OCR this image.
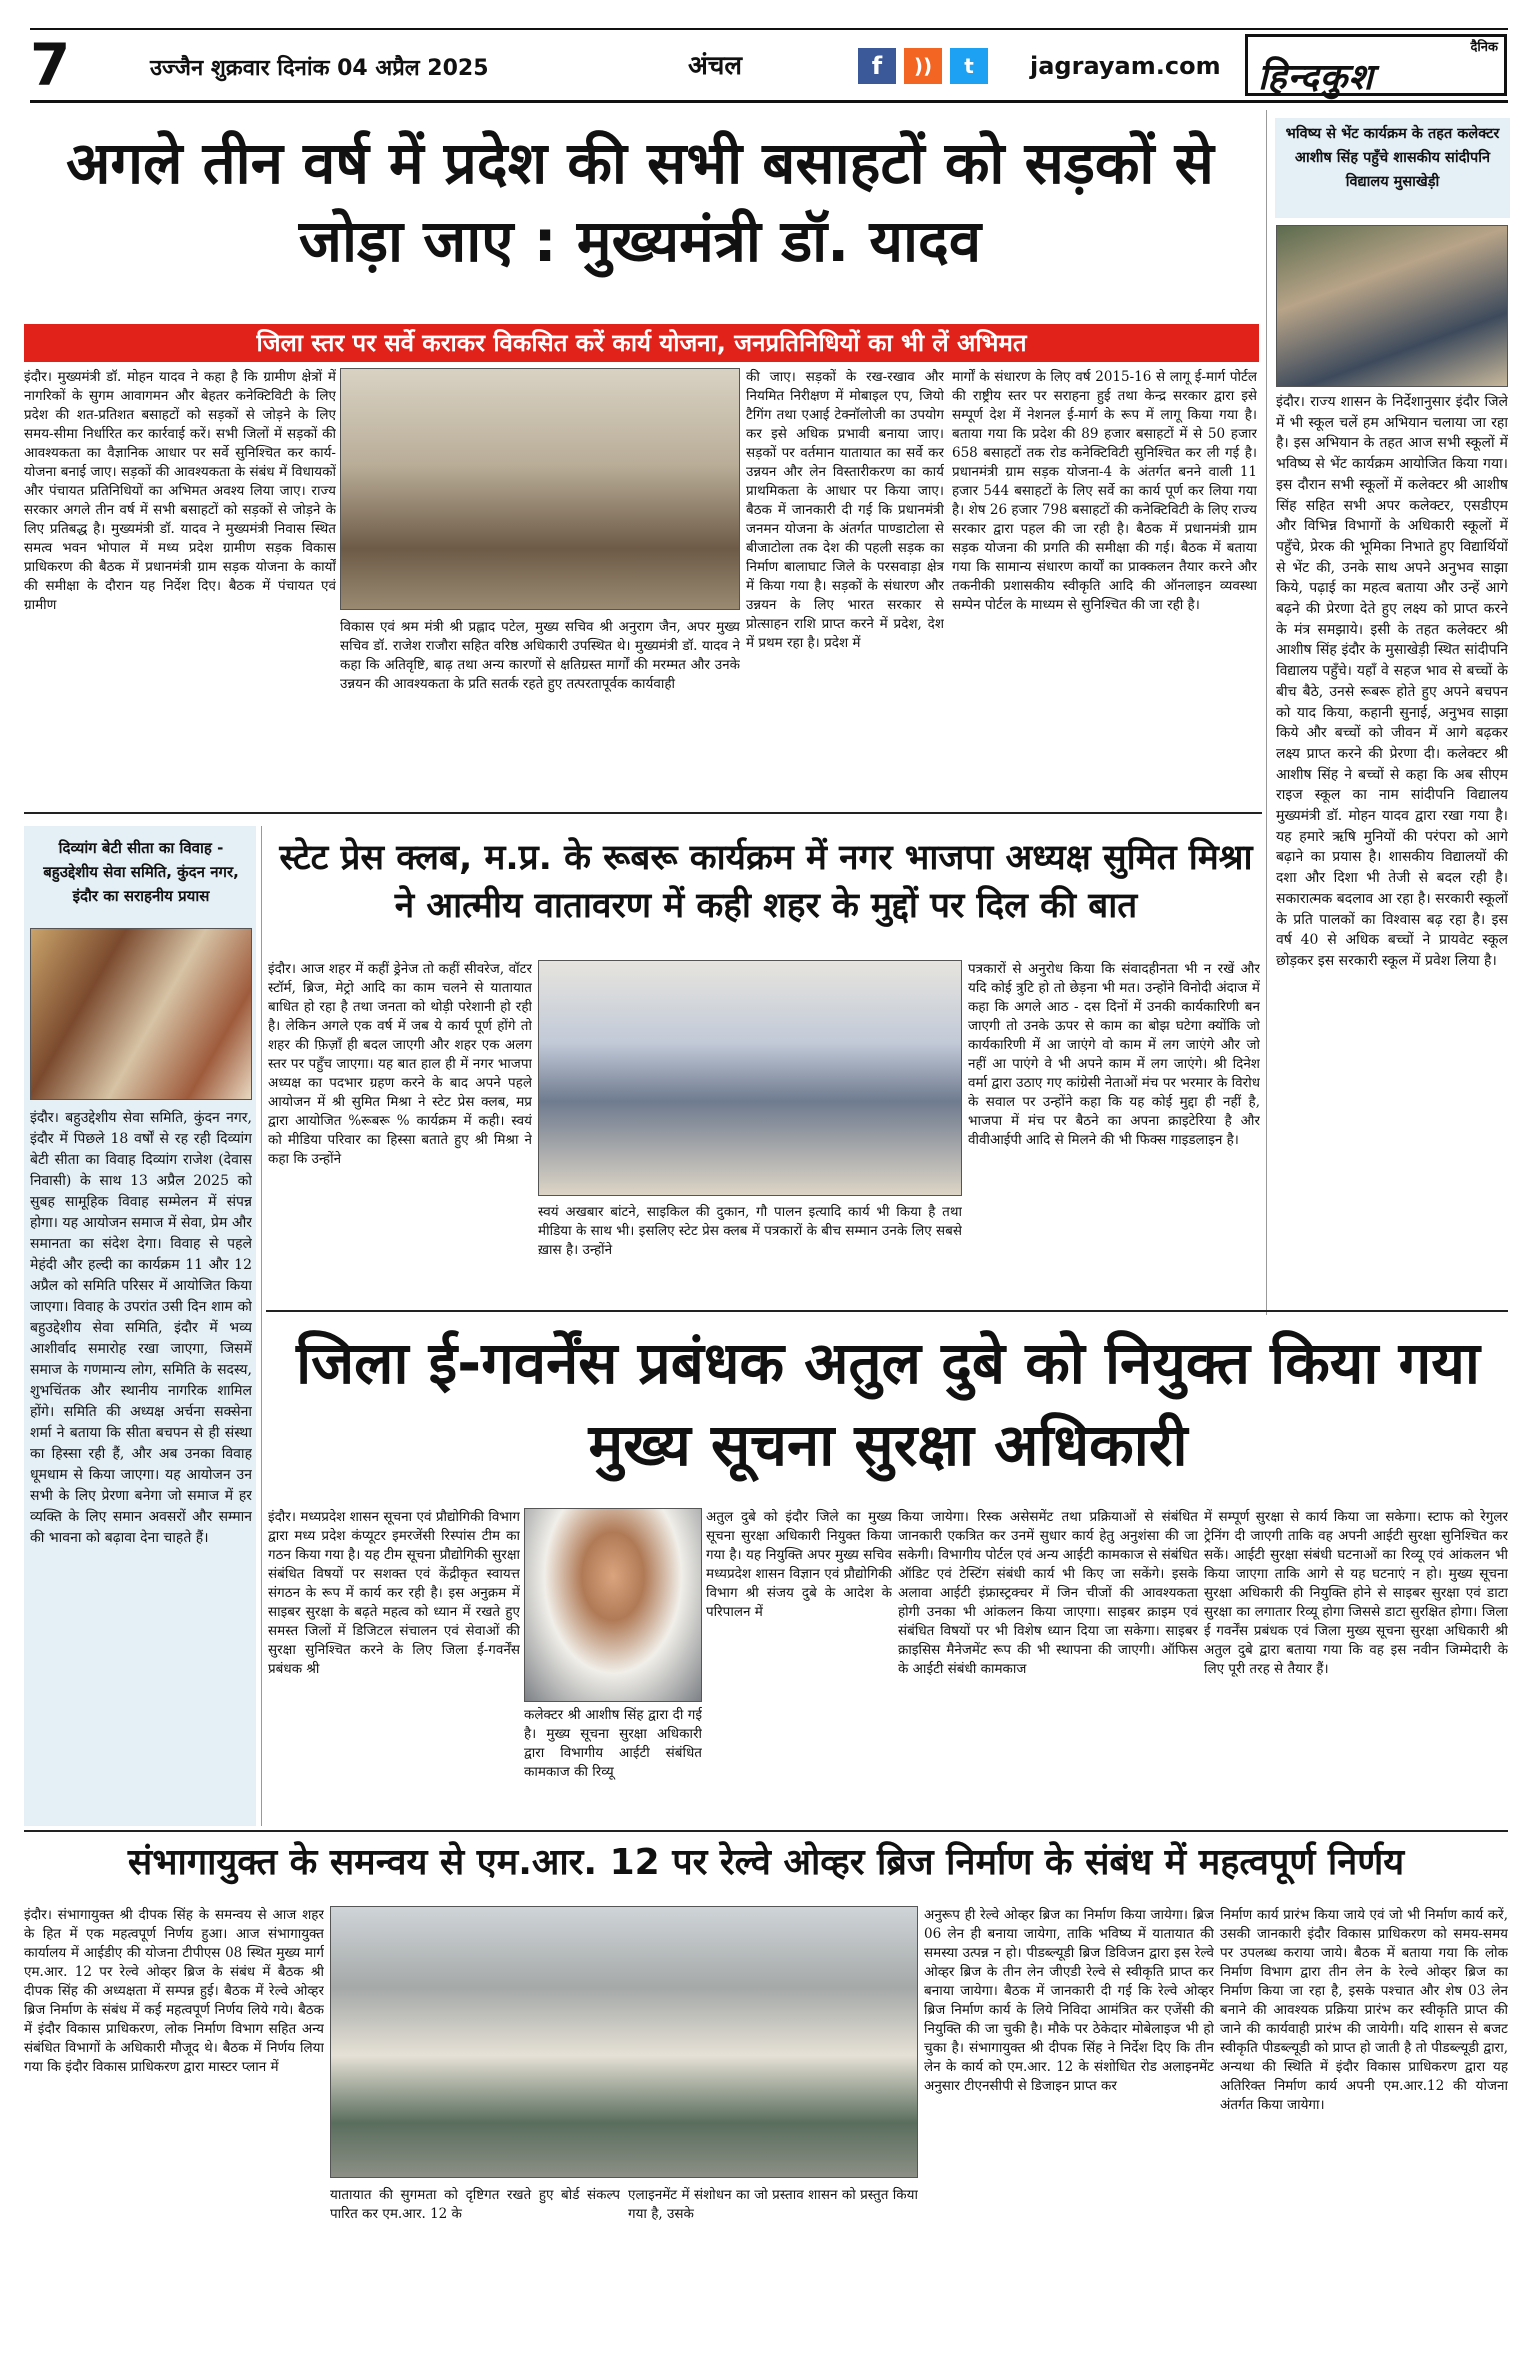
7	उज्जैन शुक्रवार दिनांक 04 अप्रैल 2025	अंचल	f	))	t	jagrayam.com
दैनिक
हिन्दकुश
अगले तीन वर्ष में प्रदेश की सभी बसाहटों को सड़कों से जोड़ा जाए : मुख्यमंत्री डॉ. यादव
जिला स्तर पर सर्वे कराकर विकसित करें कार्य योजना, जनप्रतिनिधियों का भी लें अभिमत
इंदौर। मुख्यमंत्री डॉ. मोहन यादव ने कहा है कि ग्रामीण क्षेत्रों में नागरिकों के सुगम आवागमन और बेहतर कनेक्टिविटी के लिए प्रदेश की शत-प्रतिशत बसाहटों को सड़कों से जोड़ने के लिए समय-सीमा निर्धारित कर कार्रवाई करें। सभी जिलों में सड़कों की आवश्यकता का वैज्ञानिक आधार पर सर्वे सुनिश्चित कर कार्य-योजना बनाई जाए। सड़कों की आवश्यकता के संबंध में विधायकों और पंचायत प्रतिनिधियों का अभिमत अवश्य लिया जाए। राज्य सरकार अगले तीन वर्ष में सभी बसाहटों को सड़कों से जोड़ने के लिए प्रतिबद्ध है। मुख्यमंत्री डॉ. यादव ने मुख्यमंत्री निवास स्थित समत्व भवन भोपाल में मध्य प्रदेश ग्रामीण सड़क विकास प्राधिकरण की बैठक में प्रधानमंत्री ग्राम सड़क योजना के कार्यों की समीक्षा के दौरान यह निर्देश दिए। बैठक में पंचायत एवं ग्रामीण
विकास एवं श्रम मंत्री श्री प्रह्लाद पटेल, मुख्य सचिव श्री अनुराग जैन, अपर मुख्य सचिव डॉ. राजेश राजौरा सहित वरिष्ठ अधिकारी उपस्थित थे। मुख्यमंत्री डॉ. यादव ने कहा कि अतिवृष्टि, बाढ़ तथा अन्य कारणों से क्षतिग्रस्त मार्गों की मरम्मत और उनके उन्नयन की आवश्यकता के प्रति सतर्क रहते हुए तत्परतापूर्वक कार्यवाही
की जाए। सड़कों के रख-रखाव और नियमित निरीक्षण में मोबाइल एप, जियो टैगिंग तथा एआई टेक्नॉलोजी का उपयोग कर इसे अधिक प्रभावी बनाया जाए। सड़कों पर वर्तमान यातायात का सर्वे कर उन्नयन और लेन विस्तारीकरण का कार्य प्राथमिकता के आधार पर किया जाए। बैठक में जानकारी दी गई कि प्रधानमंत्री जनमन योजना के अंतर्गत पाण्डाटोला से बीजाटोला तक देश की पहली सड़क का निर्माण बालाघाट जिले के परसवाड़ा क्षेत्र में किया गया है। सड़कों के संधारण और उन्नयन के लिए भारत सरकार से प्रोत्साहन राशि प्राप्त करने में प्रदेश, देश में प्रथम रहा है। प्रदेश में
मार्गों के संधारण के लिए वर्ष 2015-16 से लागू ई-मार्ग पोर्टल की राष्ट्रीय स्तर पर सराहना हुई तथा केन्द्र सरकार द्वारा इसे सम्पूर्ण देश में नेशनल ई-मार्ग के रूप में लागू किया गया है। बताया गया कि प्रदेश की 89 हजार बसाहटों में से 50 हजार 658 बसाहटों तक रोड कनेक्टिविटी सुनिश्चित कर ली गई है। प्रधानमंत्री ग्राम सड़क योजना-4 के अंतर्गत बनने वाली 11 हजार 544 बसाहटों के लिए सर्वे का कार्य पूर्ण कर लिया गया है। शेष 26 हजार 798 बसाहटों की कनेक्टिविटी के लिए राज्य सरकार द्वारा पहल की जा रही है। बैठक में प्रधानमंत्री ग्राम सड़क योजना की प्रगति की समीक्षा की गई। बैठक में बताया गया कि सामान्य संधारण कार्यों का प्राक्कलन तैयार करने और तकनीकी प्रशासकीय स्वीकृति आदि की ऑनलाइन व्यवस्था सम्पेन पोर्टल के माध्यम से सुनिश्चित की जा रही है।
भविष्य से भेंट कार्यक्रम के तहत कलेक्टर आशीष सिंह पहुँचे शासकीय सांदीपनि विद्यालय मुसाखेड़ी
इंदौर। राज्य शासन के निर्देशानुसार इंदौर जिले में भी स्कूल चलें हम अभियान चलाया जा रहा है। इस अभियान के तहत आज सभी स्कूलों में भविष्य से भेंट कार्यक्रम आयोजित किया गया। इस दौरान सभी स्कूलों में कलेक्टर श्री आशीष सिंह सहित सभी अपर कलेक्टर, एसडीएम और विभिन्न विभागों के अधिकारी स्कूलों में पहुँचे, प्रेरक की भूमिका निभाते हुए विद्यार्थियों से भेंट की, उनके साथ अपने अनुभव साझा किये, पढ़ाई का महत्व बताया और उन्हें आगे बढ़ने की प्रेरणा देते हुए लक्ष्य को प्राप्त करने के मंत्र समझाये। इसी के तहत कलेक्टर श्री आशीष सिंह इंदौर के मुसाखेड़ी स्थित सांदीपनि विद्यालय पहुँचे। यहाँ वे सहज भाव से बच्चों के बीच बैठे, उनसे रूबरू होते हुए अपने बचपन को याद किया, कहानी सुनाई, अनुभव साझा किये और बच्चों को जीवन में आगे बढ़कर लक्ष्य प्राप्त करने की प्रेरणा दी। कलेक्टर श्री आशीष सिंह ने बच्चों से कहा कि अब सीएम राइज स्कूल का नाम सांदीपनि विद्यालय मुख्यमंत्री डॉ. मोहन यादव द्वारा रखा गया है। यह हमारे ऋषि मुनियों की परंपरा को आगे बढ़ाने का प्रयास है। शासकीय विद्यालयों की दशा और दिशा भी तेजी से बदल रही है। सकारात्मक बदलाव आ रहा है। सरकारी स्कूलों के प्रति पालकों का विश्वास बढ़ रहा है। इस वर्ष 40 से अधिक बच्चों ने प्रायवेट स्कूल छोड़कर इस सरकारी स्कूल में प्रवेश लिया है।
दिव्यांग बेटी सीता का विवाह - बहुउद्देशीय सेवा समिति, कुंदन नगर, इंदौर का सराहनीय प्रयास
इंदौर। बहुउद्देशीय सेवा समिति, कुंदन नगर, इंदौर में पिछले 18 वर्षों से रह रही दिव्यांग बेटी सीता का विवाह दिव्यांग राजेश (देवास निवासी) के साथ 13 अप्रैल 2025 को सुबह सामूहिक विवाह सम्मेलन में संपन्न होगा। यह आयोजन समाज में सेवा, प्रेम और समानता का संदेश देगा। विवाह से पहले मेहंदी और हल्दी का कार्यक्रम 11 और 12 अप्रैल को समिति परिसर में आयोजित किया जाएगा। विवाह के उपरांत उसी दिन शाम को बहुउद्देशीय सेवा समिति, इंदौर में भव्य आशीर्वाद समारोह रखा जाएगा, जिसमें समाज के गणमान्य लोग, समिति के सदस्य, शुभचिंतक और स्थानीय नागरिक शामिल होंगे। समिति की अध्यक्ष अर्चना सक्सेना शर्मा ने बताया कि सीता बचपन से ही संस्था का हिस्सा रही हैं, और अब उनका विवाह धूमधाम से किया जाएगा। यह आयोजन उन सभी के लिए प्रेरणा बनेगा जो समाज में हर व्यक्ति के लिए समान अवसरों और सम्मान की भावना को बढ़ावा देना चाहते हैं।
स्टेट प्रेस क्लब, म.प्र. के रूबरू कार्यक्रम में नगर भाजपा अध्यक्ष सुमित मिश्रा ने आत्मीय वातावरण में कही शहर के मुद्दों पर दिल की बात
इंदौर। आज शहर में कहीं ड्रेनेज तो कहीं सीवरेज, वॉटर स्टॉर्म, ब्रिज, मेट्रो आदि का काम चलने से यातायात बाधित हो रहा है तथा जनता को थोड़ी परेशानी हो रही है। लेकिन अगले एक वर्ष में जब ये कार्य पूर्ण होंगे तो शहर की फ़िज़ाँ ही बदल जाएगी और शहर एक अलग स्तर पर पहुँच जाएगा। यह बात हाल ही में नगर भाजपा अध्यक्ष का पदभार ग्रहण करने के बाद अपने पहले आयोजन में श्री सुमित मिश्रा ने स्टेट प्रेस क्लब, मप्र द्वारा आयोजित %रूबरू % कार्यक्रम में कही। स्वयं को मीडिया परिवार का हिस्सा बताते हुए श्री मिश्रा ने कहा कि उन्होंने
स्वयं अखबार बांटने, साइकिल की दुकान, गौ पालन इत्यादि कार्य भी किया है तथा मीडिया के साथ भी। इसलिए स्टेट प्रेस क्लब में पत्रकारों के बीच सम्मान उनके लिए सबसे ख़ास है। उन्होंने
पत्रकारों से अनुरोध किया कि संवादहीनता भी न रखें और यदि कोई त्रुटि हो तो छेड़ना भी मत। उन्होंने विनोदी अंदाज में कहा कि अगले आठ - दस दिनों में उनकी कार्यकारिणी बन जाएगी तो उनके ऊपर से काम का बोझ घटेगा क्योंकि जो कार्यकारिणी में आ जाएंगे वो काम में लग जाएंगे और जो नहीं आ पाएंगे वे भी अपने काम में लग जाएंगे। श्री दिनेश वर्मा द्वारा उठाए गए कांग्रेसी नेताओं मंच पर भरमार के विरोध के सवाल पर उन्होंने कहा कि यह कोई मुद्दा ही नहीं है, भाजपा में मंच पर बैठने का अपना क्राइटेरिया है और वीवीआईपी आदि से मिलने की भी फिक्स गाइडलाइन है।
जिला ई-गवर्नेंस प्रबंधक अतुल दुबे को नियुक्त किया गया मुख्य सूचना सुरक्षा अधिकारी
इंदौर। मध्यप्रदेश शासन सूचना एवं प्रौद्योगिकी विभाग द्वारा मध्य प्रदेश कंप्यूटर इमरजेंसी रिस्पांस टीम का गठन किया गया है। यह टीम सूचना प्रौद्योगिकी सुरक्षा संबंधित विषयों पर सशक्त एवं केंद्रीकृत स्वायत्त संगठन के रूप में कार्य कर रही है। इस अनुक्रम में साइबर सुरक्षा के बढ़ते महत्व को ध्यान में रखते हुए समस्त जिलों में डिजिटल संचालन एवं सेवाओं की सुरक्षा सुनिश्चित करने के लिए जिला ई-गवर्नेंस प्रबंधक श्री
कलेक्टर श्री आशीष सिंह द्वारा दी गई है। मुख्य सूचना सुरक्षा अधिकारी द्वारा विभागीय आईटी संबंधित कामकाज की रिव्यू
अतुल दुबे को इंदौर जिले का मुख्य सूचना सुरक्षा अधिकारी नियुक्त किया गया है। यह नियुक्ति अपर मुख्य सचिव मध्यप्रदेश शासन विज्ञान एवं प्रौद्योगिकी विभाग श्री संजय दुबे के आदेश के परिपालन में
किया जायेगा। रिस्क असेसमेंट तथा प्रक्रियाओं से संबंधित जानकारी एकत्रित कर उनमें सुधार कार्य हेतु अनुशंसा की जा सकेगी। विभागीय पोर्टल एवं अन्य आईटी कामकाज से संबंधित ऑडिट एवं टेस्टिंग संबंधी कार्य भी किए जा सकेंगे। इसके अलावा आईटी इंफ्रास्ट्रक्चर में जिन चीजों की आवश्यकता होगी उनका भी आंकलन किया जाएगा। साइबर क्राइम एवं संबंधित विषयों पर भी विशेष ध्यान दिया जा सकेगा। साइबर क्राइसिस मैनेजमेंट रूप की भी स्थापना की जाएगी। ऑफिस के आईटी संबंधी कामकाज
में सम्पूर्ण सुरक्षा से कार्य किया जा सकेगा। स्टाफ को रेगुलर ट्रेनिंग दी जाएगी ताकि वह अपनी आईटी सुरक्षा सुनिश्चित कर सकें। आईटी सुरक्षा संबंधी घटनाओं का रिव्यू एवं आंकलन भी किया जाएगा ताकि आगे से यह घटनाएं न हो। मुख्य सूचना सुरक्षा अधिकारी की नियुक्ति होने से साइबर सुरक्षा एवं डाटा सुरक्षा का लगातार रिव्यू होगा जिससे डाटा सुरक्षित होगा। जिला ई गवर्नेंस प्रबंधक एवं जिला मुख्य सूचना सुरक्षा अधिकारी श्री अतुल दुबे द्वारा बताया गया कि वह इस नवीन जिम्मेदारी के लिए पूरी तरह से तैयार हैं।
संभागायुक्त के समन्वय से एम.आर. 12 पर रेल्वे ओव्हर ब्रिज निर्माण के संबंध में महत्वपूर्ण निर्णय
इंदौर। संभागायुक्त श्री दीपक सिंह के समन्वय से आज शहर के हित में एक महत्वपूर्ण निर्णय हुआ। आज संभागायुक्त कार्यालय में आईडीए की योजना टीपीएस 08 स्थित मुख्य मार्ग एम.आर. 12 पर रेल्वे ओव्हर ब्रिज के संबंध में बैठक श्री दीपक सिंह की अध्यक्षता में सम्पन्न हुई। बैठक में रेल्वे ओव्हर ब्रिज निर्माण के संबंध में कई महत्वपूर्ण निर्णय लिये गये। बैठक में इंदौर विकास प्राधिकरण, लोक निर्माण विभाग सहित अन्य संबंधित विभागों के अधिकारी मौजूद थे। बैठक में निर्णय लिया गया कि इंदौर विकास प्राधिकरण द्वारा मास्टर प्लान में
यातायात की सुगमता को दृष्टिगत रखते हुए बोर्ड संकल्प पारित कर एम.आर. 12 के
एलाइनमेंट में संशोधन का जो प्रस्ताव शासन को प्रस्तुत किया गया है, उसके
अनुरूप ही रेल्वे ओव्हर ब्रिज का निर्माण किया जायेगा। ब्रिज 06 लेन ही बनाया जायेगा, ताकि भविष्य में यातायात की समस्या उत्पन्न न हो। पीडब्ल्यूडी ब्रिज डिविजन द्वारा इस रेल्वे ओव्हर ब्रिज के तीन लेन जीएडी रेल्वे से स्वीकृति प्राप्त कर बनाया जायेगा। बैठक में जानकारी दी गई कि रेल्वे ओव्हर ब्रिज निर्माण कार्य के लिये निविदा आमंत्रित कर एजेंसी की नियुक्ति की जा चुकी है। मौके पर ठेकेदार मोबेलाइज भी हो चुका है। संभागायुक्त श्री दीपक सिंह ने निर्देश दिए कि तीन लेन के कार्य को एम.आर. 12 के संशोधित रोड अलाइनमेंट अनुसार टीएनसीपी से डिजाइन प्राप्त कर
निर्माण कार्य प्रारंभ किया जाये एवं जो भी निर्माण कार्य करें, उसकी जानकारी इंदौर विकास प्राधिकरण को समय-समय पर उपलब्ध कराया जाये। बैठक में बताया गया कि लोक निर्माण विभाग द्वारा तीन लेन के रेल्वे ओव्हर ब्रिज का निर्माण किया जा रहा है, इसके पश्चात और शेष 03 लेन बनाने की आवश्यक प्रक्रिया प्रारंभ कर स्वीकृति प्राप्त की जाने की कार्यवाही प्रारंभ की जायेगी। यदि शासन से बजट स्वीकृति पीडब्ल्यूडी को प्राप्त हो जाती है तो पीडब्ल्यूडी द्वारा, अन्यथा की स्थिति में इंदौर विकास प्राधिकरण द्वारा यह अतिरिक्त निर्माण कार्य अपनी एम.आर.12 की योजना अंतर्गत किया जायेगा।
